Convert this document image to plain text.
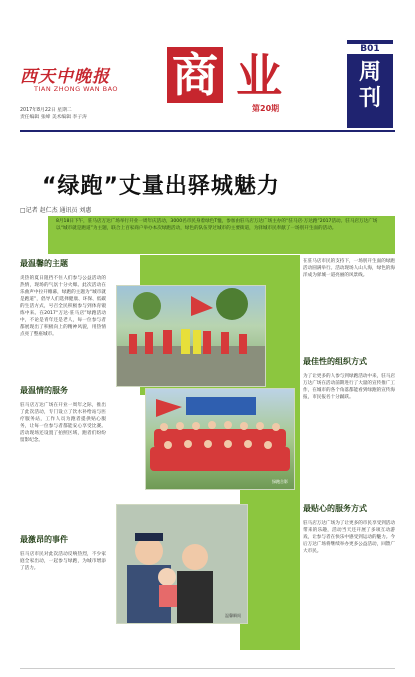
西天中晚报
TIAN ZHONG WAN BAO
2017年8月22日 星期二
责任编辑 张峰 美术编辑 李子涛
商 业
第20期
B01
周
刊
“绿跑”丈量出驿城魅力
□记者 赵仁杰 通讯员 刘惠
8月18日下午，驻马店万达广场举行开业一周年庆活动，3000名市民身着绿色T恤，参加由驻马店万达广场主办的“驻马店·万达跑”2017活动。驻马店万达广场以“城市就是跑道”为主题，联合上百家商户举办本次绿跑活动，绿色的队伍穿过城市的主要街道，为驿城市民奉献了一场别开生面的活动。
最温馨的主题
炎热的夏日阻挡不住人们参与公益活动的热情，现场的气氛十分火爆。此次活动在乐曲声中拉开帷幕，绿跑的主题为“城市就是跑道”，倡导人们选择健康、环保、低碳的生活方式，号召全民积极参与到体育锻炼中来。在2017“万达·驻马店”绿跑活动中，不论是青年还是老人，每一位参与者都展现出了积极向上的精神风貌，用热情点亮了整座城市。
最温情的服务
驻马店万达广场在开业一周年之际，推出了此次活动，专门设立了饮水补给站与医疗服务站，工作人员为跑者提供贴心服务，让每一位参与者都能安心享受比赛。活动现场还设置了拍照区域，跑者们纷纷留影纪念。
最激昂的事件
驻马店市民对此次活动反响热烈，不少家庭全家出动，一起参与绿跑，为城市增添了活力。
绿跑合影
温馨瞬间
在驻马店市民的支持下，一场别开生面的绿跑活动圆满举行。活动现场人山人海，绿色的海洋成为驿城一道亮丽的风景线。
最佳性的组织方式
为了让更多的人参与到绿跑活动中来，驻马店万达广场在活动前期进行了大量的宣传推广工作，在城市的各个角落都能看到绿跑的宣传海报，市民报名十分踊跃。
最贴心的服务方式
驻马店万达广场为了让更多的市民享受到活动带来的乐趣，活动当天还开展了多项互动游戏，让参与者在快乐中感受到运动的魅力。今后万达广场将继续举办更多公益活动，回馈广大市民。
